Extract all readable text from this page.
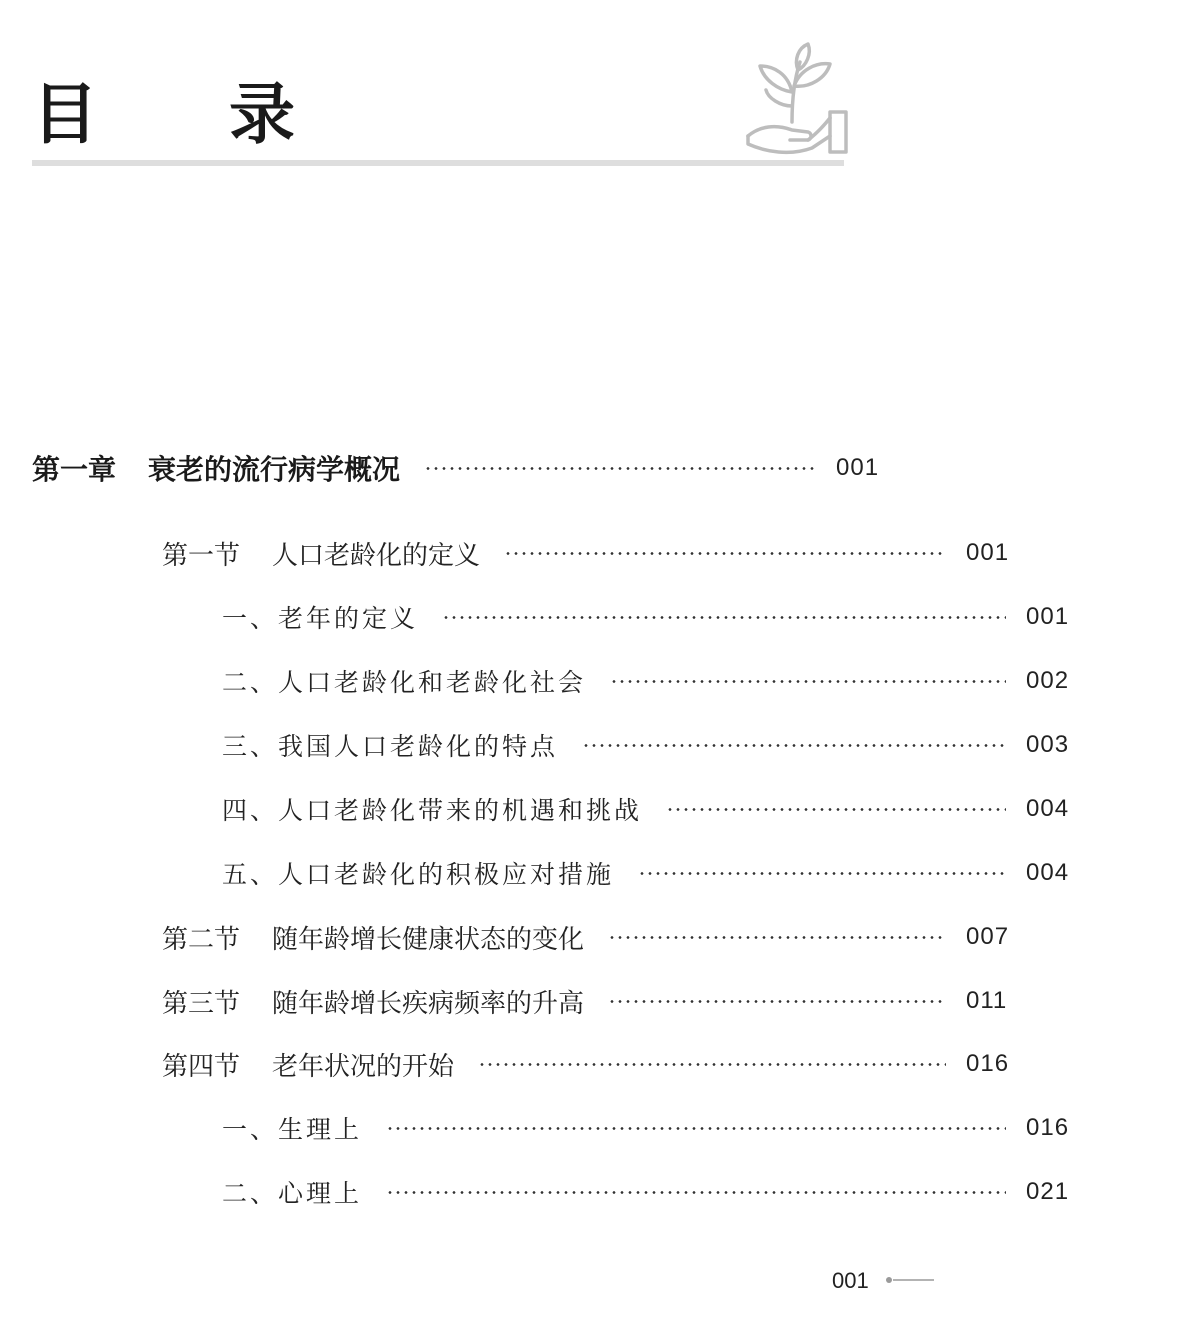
目 录
第一章 衰老的流行病学概况	001
第一节 人口老龄化的定义	001
一、老年的定义	001
二、人口老龄化和老龄化社会	002
三、我国人口老龄化的特点	003
四、人口老龄化带来的机遇和挑战	004
五、人口老龄化的积极应对措施	004
第二节 随年龄增长健康状态的变化	007
第三节 随年龄增长疾病频率的升高	011
第四节 老年状况的开始	016
一、生理上	016
二、心理上	021
001
